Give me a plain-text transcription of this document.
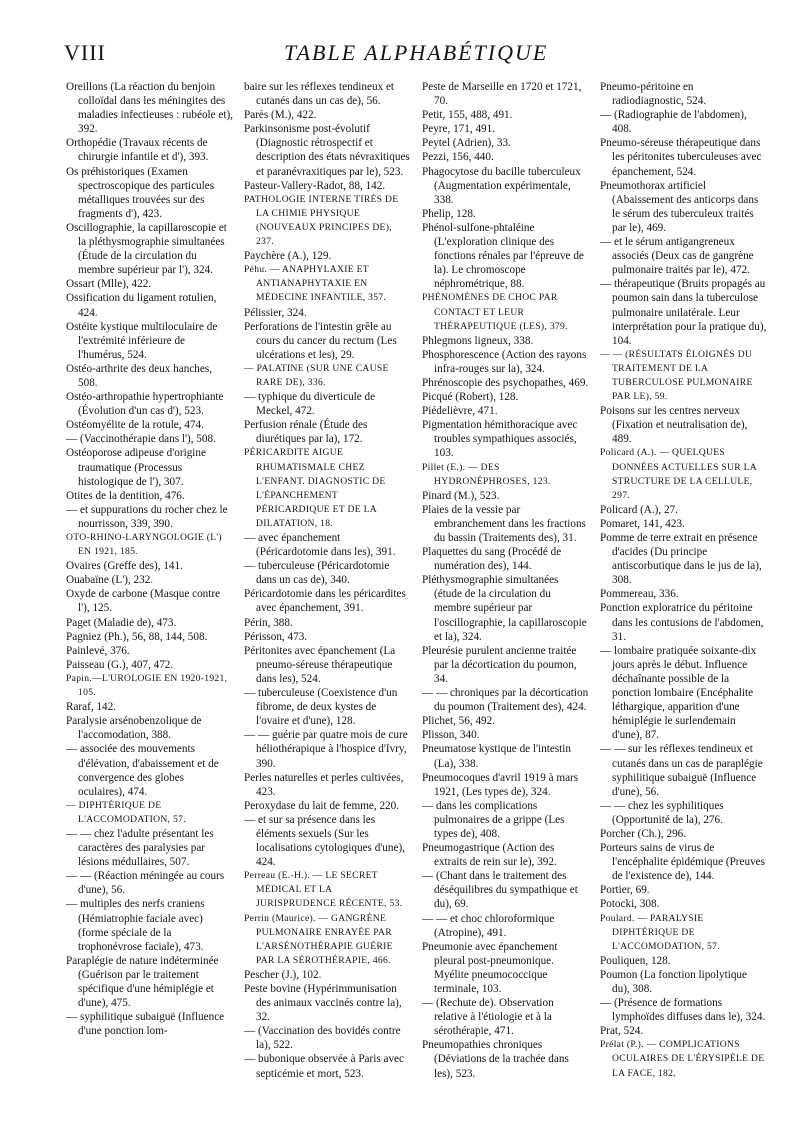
VIII	TABLE ALPHABÉTIQUE
Oreillons (La réaction du benjoin colloïdal dans les méningites des maladies infectieuses : rubéole et), 392.
Orthopédie (Travaux récents de chirurgie infantile et d'), 393.
Os préhistoriques (Examen spectroscopique des particules métalliques trouvées sur des fragments d'), 423.
Oscillographie, la capillaroscopie et la pléthysmographie simultanées (Étude de la circulation du membre supérieur par l'), 324.
Ossart (Mlle), 422.
Ossification du ligament rotulien, 424.
Ostéite kystique multiloculaire de l'extrémité inférieure de l'humérus, 524.
Ostéo-arthrite des deux hanches, 508.
Ostéo-arthropathie hypertrophiante (Évolution d'un cas d'), 523.
Ostéomyélite de la rotule, 474.
— (Vaccinothérapie dans l'), 508.
Ostéoporose adipeuse d'origine traumatique (Processus histologique de l'), 307.
Otites de la dentition, 476.
— et suppurations du rocher chez le nourrisson, 339, 390.
OTO-RHINO-LARYNGOLOGIE (L') EN 1921, 185.
Ovaires (Greffe des), 141.
Ouabaïne (L'), 232.
Oxyde de carbone (Masque contre l'), 125.
Paget (Maladie de), 473.
Pagniez (Ph.), 56, 88, 144, 508.
Painlevé, 376.
Paisseau (G.), 407, 472.
Papin.—L'UROLOGIE EN 1920-1921, 105.
Raraf, 142.
Paralysie arsénobenzolique de l'accomodation, 388.
— associée des mouvements d'élévation, d'abaissement et de convergence des globes oculaires), 474.
— DIPHTÉRIQUE DE L'ACCOMODATION, 57.
— — chez l'adulte présentant les caractères des paralysies par lésions médullaires, 507.
— — (Réaction méningée au cours d'une), 56.
— multiples des nerfs craniens (Hémiatrophie faciale avec) (forme spéciale de la trophonévrose faciale), 473.
Paraplégie de nature indéterminée (Guérison par le traitement spécifique d'une hémiplégie et d'une), 475.
— syphilitique subaiguë (Influence d'une ponction lom-
baire sur les réflexes tendineux et cutanés dans un cas de), 56.
Parès (M.), 422.
Parkinsonisme post-évolutif (Diagnostic rétrospectif et description des états névraxitiques et paranévraxitiques par le), 523.
Pasteur-Vallery-Radot, 88, 142.
PATHOLOGIE INTERNE TIRÉS DE LA CHIMIE PHYSIQUE (NOUVEAUX PRINCIPES DE), 237.
Paychère (A.), 129.
Péhu. — ANAPHYLAXIE ET ANTIANAPHYTAXIE EN MÉDECINE INFANTILE, 357.
Pélissier, 324.
Perforations de l'intestin grêle au cours du cancer du rectum (Les ulcérations et les), 29.
— PALATINE (SUR UNE CAUSE RARE DE), 336.
— typhique du diverticule de Meckel, 472.
Perfusion rénale (Étude des diurétiques par la), 172.
PÉRICARDITE AIGUE RHUMATISMALE CHEZ L'ENFANT. DIAGNOSTIC DE L'ÉPANCHEMENT PÉRICARDIQUE ET DE LA DILATATION, 18.
— avec épanchement (Péricardotomie dans les), 391.
— tuberculeuse (Péricardotomie dans un cas de), 340.
Péricardotomie dans les péricardites avec épanchement, 391.
Périn, 388.
Périsson, 473.
Péritonites avec épanchement (La pneumo-séreuse thérapeutique dans les), 524.
— tuberculeuse (Coexistence d'un fibrome, de deux kystes de l'ovaire et d'une), 128.
— — guérie par quatre mois de cure héliothérapique à l'hospice d'Ivry, 390.
Perles naturelles et perles cultivées, 423.
Peroxydase du lait de femme, 220.
— et sur sa présence dans les éléments sexuels (Sur les localisations cytologiques d'une), 424.
Perreau (E.-H.). — LE SECRET MÉDICAL ET LA JURISPRUDENCE RÉCENTE, 53.
Perrin (Maurice). — GANGRÈNE PULMONAIRE ENRAYÉE PAR L'ARSÉNOTHÉRAPIE GUÉRIE PAR LA SÉROTHÉRAPIE, 466.
Pescher (J.), 102.
Peste bovine (Hypérimmunisation des animaux vaccinés contre la), 32.
— (Vaccination des bovidés contre la), 522.
— bubonique observée à Paris avec septicémie et mort, 523.
Peste de Marseille en 1720 et 1721, 70.
Petit, 155, 488, 491.
Peyre, 171, 491.
Peytel (Adrien), 33.
Pezzi, 156, 440.
Phagocytose du bacille tuberculeux (Augmentation expérimentale, 338.
Phelip, 128.
Phénol-sulfone-phtaléine (L'exploration clinique des fonctions rénales par l'épreuve de la). Le chromoscope néphrométrique, 88.
PHÉNOMÈNES DE CHOC PAR CONTACT ET LEUR THÉRAPEUTIQUE (LES), 379.
Phlegmons ligneux, 338.
Phosphorescence (Action des rayons infra-rouges sur la), 324.
Phrénoscopie des psychopathes, 469.
Picqué (Robert), 128.
Piédelièvre, 471.
Pigmentation hémithoracique avec troubles sympathiques associés, 103.
Pillet (E.). — DES HYDRONÉPHROSES, 123.
Pinard (M.), 523.
Plaies de la vessie par embranchement dans les fractions du bassin (Traitements des), 31.
Plaquettes du sang (Procédé de numération des), 144.
Pléthysmographie simultanées (étude de la circulation du membre supérieur par l'oscillographie, la capillaroscopie et la), 324.
Pleurésie purulent ancienne traitée par la décortication du poumon, 34.
— — chroniques par la décortication du poumon (Traitement des), 424.
Plichet, 56, 492.
Plisson, 340.
Pneumatose kystique de l'intestin (La), 338.
Pneumocoques d'avril 1919 à mars 1921, (Les types de), 324.
— dans les complications pulmonaires de a grippe (Les types de), 408.
Pneumogastrique (Action des extraits de rein sur le), 392.
— (Chant dans le traitement des déséquilibres du sympathique et du), 69.
— — et choc chloroformique (Atropine), 491.
Pneumonie avec épanchement pleural post-pneumonique. Myélite pneumococcique terminale, 103.
— (Rechute de). Observation relative à l'étiologie et à la sérothérapie, 471.
Pneumopathies chroniques (Déviations de la trachée dans les), 523.
Pneumo-péritoine en radiodiagnostic, 524.
— (Radiographie de l'abdomen), 408.
Pneumo-séreuse thérapeutique dans les péritonites tuberculeuses avec épanchement, 524.
Pneumothorax artificiel (Abaissement des anticorps dans le sérum des tuberculeux traités par le), 469.
— et le sérum antigangreneux associés (Deux cas de gangrène pulmonaire traités par le), 472.
— thérapeutique (Bruits propagés au poumon sain dans la tuberculose pulmonaire unilatérale. Leur interprétation pour la pratique du), 104.
— — (RÉSULTATS ÉLOIGNÉS DU TRAITEMENT DE LA TUBERCULOSE PULMONAIRE PAR LE), 59.
Poisons sur les centres nerveux (Fixation et neutralisation de), 489.
Policard (A.). — QUELQUES DONNÉES ACTUELLES SUR LA STRUCTURE DE LA CELLULE, 297.
Policard (A.), 27.
Pomaret, 141, 423.
Pomme de terre extrait en présence d'acides (Du principe antiscorbutique dans le jus de la), 308.
Pommereau, 336.
Ponction exploratrice du péritoine dans les contusions de l'abdomen, 31.
— lombaire pratiquée soixante-dix jours après le début. Influence déchaînante possible de la ponction lombaire (Encéphalite léthargique, apparition d'une hémiplégie le surlendemain d'une), 87.
— — sur les réflexes tendineux et cutanés dans un cas de paraplégie syphilitique subaiguë (Influence d'une), 56.
— — chez les syphilitiques (Opportunité de la), 276.
Porcher (Ch.), 296.
Porteurs sains de virus de l'encéphalite épidémique (Preuves de l'existence de), 144.
Portier, 69.
Potocki, 308.
Poulard. — PARALYSIE DIPHTÉRIQUE DE L'ACCOMODATION, 57.
Pouliquen, 128.
Poumon (La fonction lipolytique du), 308.
— (Présence de formations lymphoïdes diffuses dans le), 324.
Prat, 524.
Prélat (P.). — COMPLICATIONS OCULAIRES DE L'ÉRYSIPÈLE DE LA FACE, 182.
